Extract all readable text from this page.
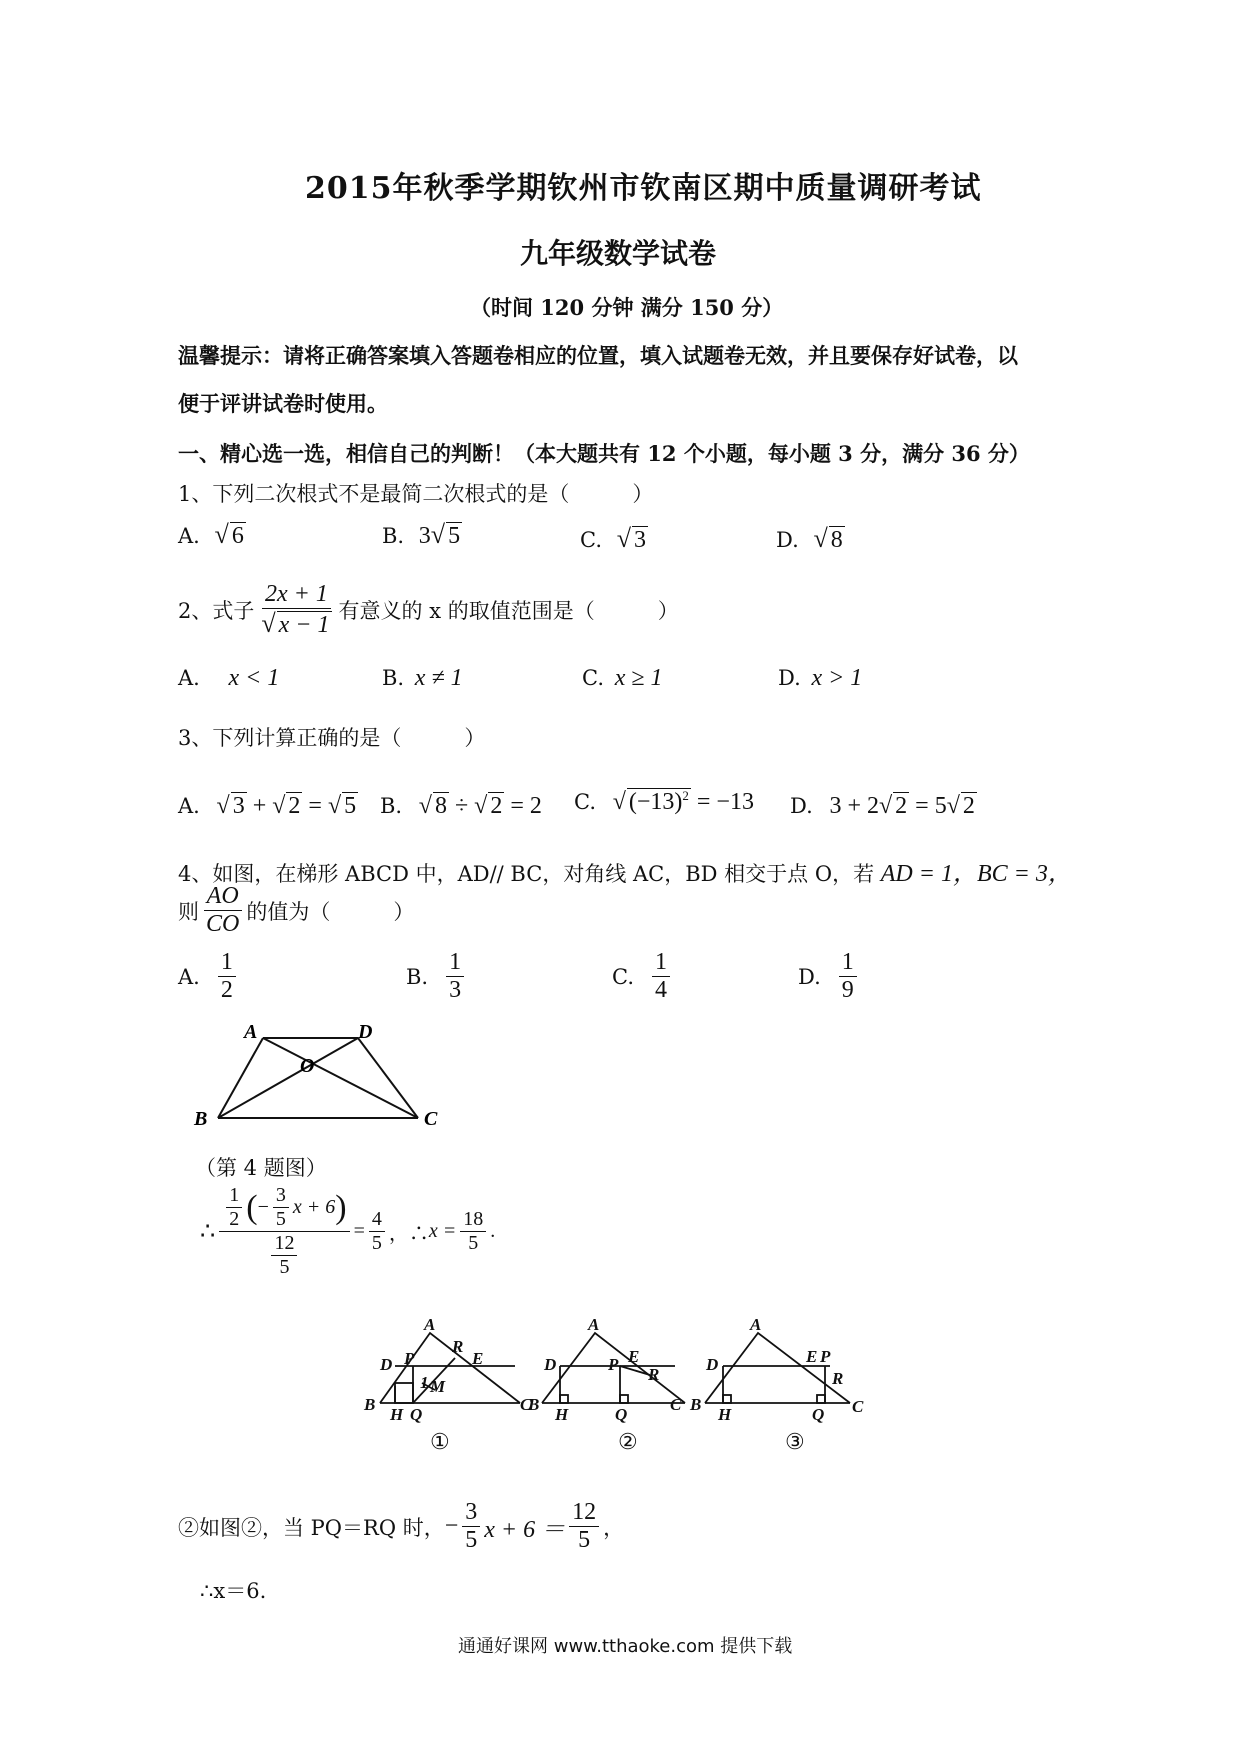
2015年秋季学期钦州市钦南区期中质量调研考试
九年级数学试卷
（时间 120 分钟 满分 150 分）
温馨提示：请将正确答案填入答题卷相应的位置，填入试题卷无效，并且要保存好试卷，以
便于评讲试卷时使用。
一、精心选一选，相信自己的判断！（本大题共有 12 个小题，每小题 3 分，满分 36 分）
1、下列二次根式不是最简二次根式的是（　　　）
A. √ 6	B. 3√ 5	C. √ 3	D. √ 8
2、式子 $\frac{2x + 1}{√ x - 1}$ 有意义的 x 的取值范围是（　　　）
A. x < 1	B. x ≠ 1	C. x ≥ 1	D. x > 1
3、下列计算正确的是（　　　）
A. √ 3 + √ 2 = √ 5 B. √ 8 ÷ √ 2 = 2 C. √ $(-13)^2 = -13$ D. 3 + 2√ 2 = 5√ 2
4、如图，在梯形 ABCD 中，AD// BC，对角线 AC，BD 相交于点 O，若 AD = 1，BC = 3，
则 $\frac{AO}{CO}$ 的值为（　　　）
A. $\frac{1}{2}$	B. $\frac{1}{3}$	C. $\frac{1}{4}$	D. $\frac{1}{9}$
A	D
O
B	C
（第 4 题图）
∴ $\frac{\frac{1}{2} ( - \frac{3}{5} x + 6 )}{\frac{12}{5}} = \frac{4}{5}$ ，∴ $x = \frac{18}{5}$ .
A
R
E
D P
1 M
B	C
H Q
A
E
P
R
D
B	C
H	Q
A
E P
R
D
B	C
H	Q
①	②	③
②如图②，当 PQ＝RQ 时， − $\frac{3}{5}$ $x + 6 = \frac{12}{5}$ ，
∴x＝6.
通通好课网 www.tthaoke.com 提供下载
